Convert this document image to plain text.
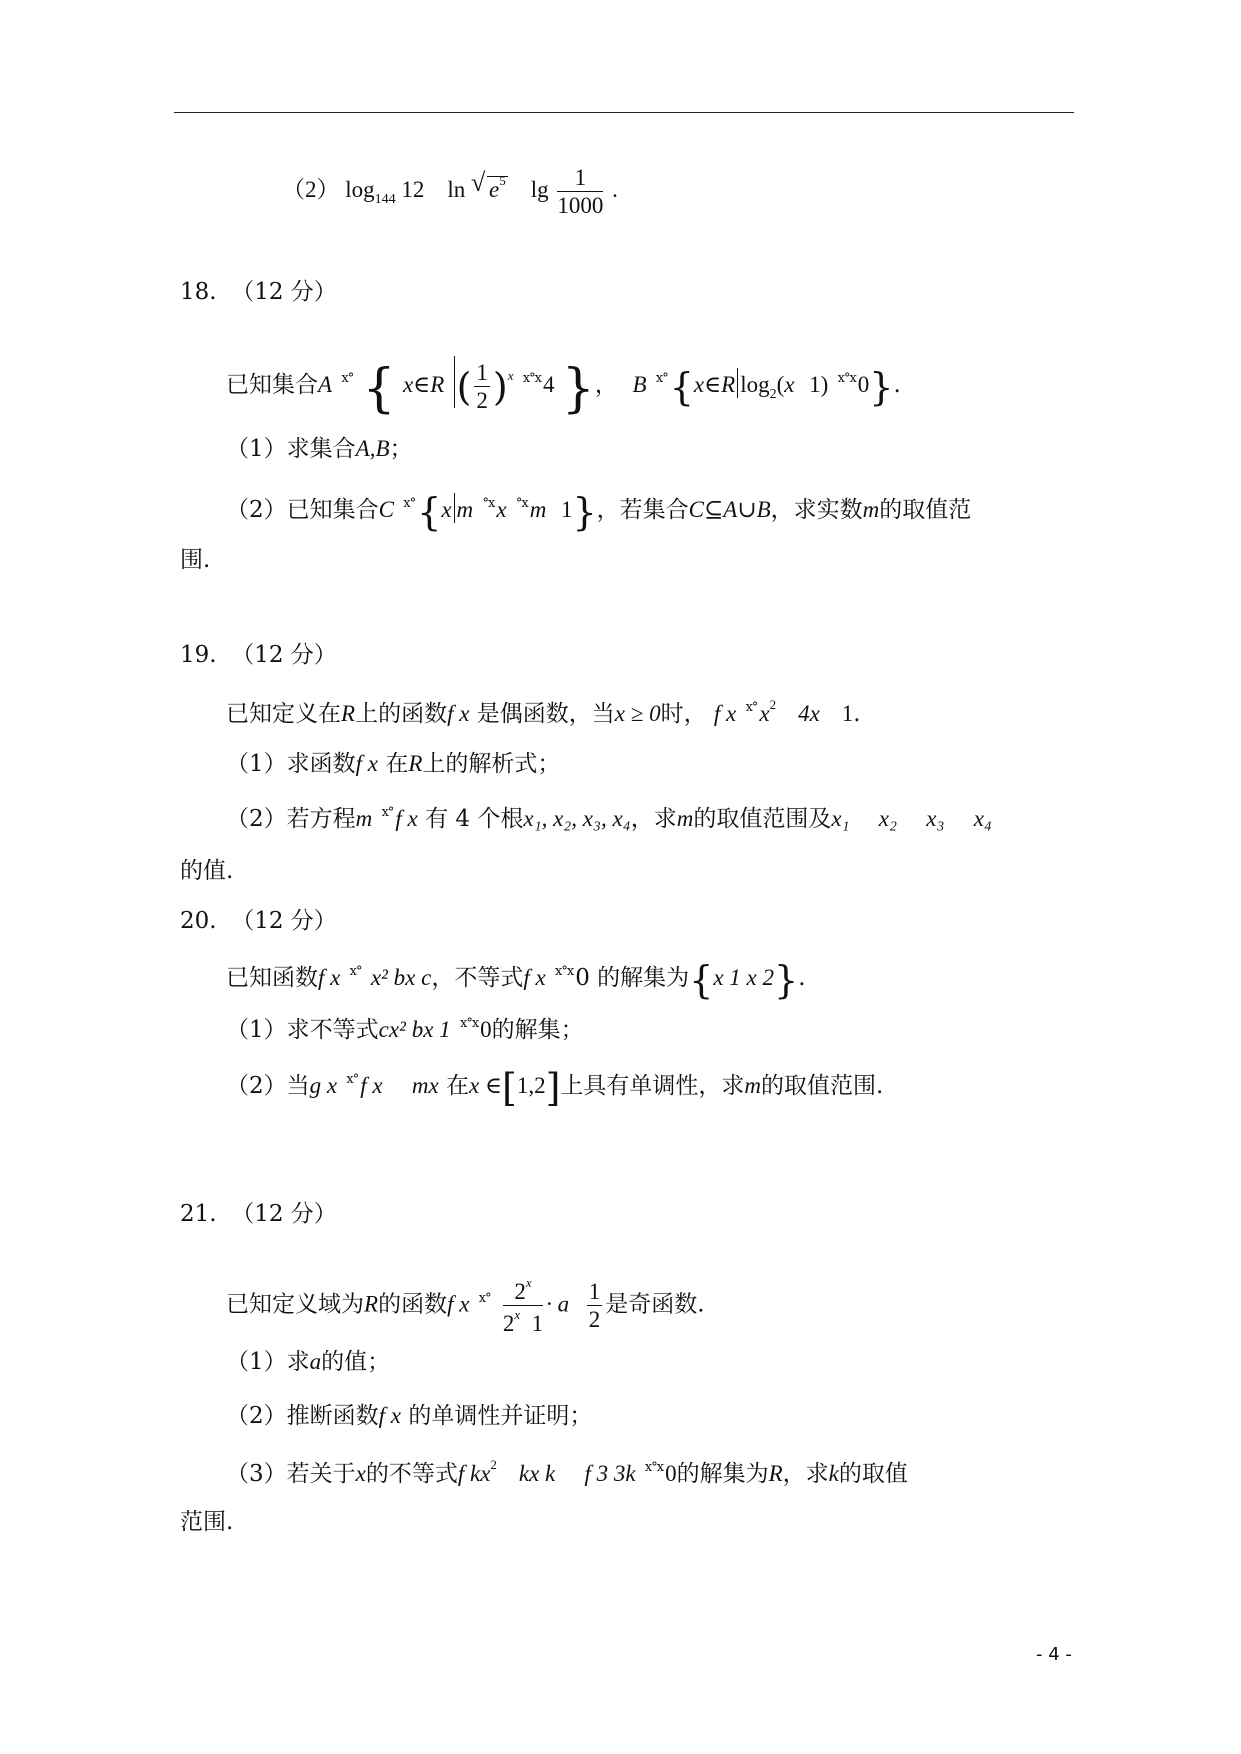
（2） $\log_{144} 12$ ln √ $e^5$ $\lg \frac{1}{1000}$ .
18. （12 分）
已知集合A $^{x^\circ}$ { x∈R ( $\frac{1}{2} )^x$ $^{x^\circ x}$4 }， B $^{x^\circ}${x∈R $\log_2(x$ 1) $^{x^\circ x}$0}.
（1）求集合A,B；
（2）已知集合C $^{x^\circ}${x m $^{^\circ x}$x $^{^\circ x}$m 1}，若集合C⊆A∪B，求实数m的取值范
围.
19. （12 分）
已知定义在R上的函数f x 是偶函数，当x ≥ 0时， f x $^{x^\circ}x^2$ 4x 1.
（1）求函数f x 在R上的解析式；
（2）若方程m $^{x^\circ}$f x 有 4 个根x₁, x₂, x₃, x₄，求m的取值范围及x₁ x₂ x₃ x₄
的值.
20. （12 分）
已知函数f x $^{x^\circ}$ x² bx c，不等式f x $^{x^\circ x}$0 的解集为{x 1 x 2}.
（1）求不等式cx² bx 1 $^{x^\circ x}$0的解集；
（2）当g x $^{x^\circ}$f x mx 在x ∈[1,2]上具有单调性，求m的取值范围.
21. （12 分）
已知定义域为R的函数f x $^{x^\circ} \frac{2^x}{2^x 1} \cdot a \frac{1}{2}$ 是奇函数.
（1）求a的值；
（2）推断函数f x 的单调性并证明；
（3）若关于x的不等式f $kx^2$ kx k f 3 3k $^{x^\circ x}$0的解集为R，求k的取值
范围.
- 4 -
